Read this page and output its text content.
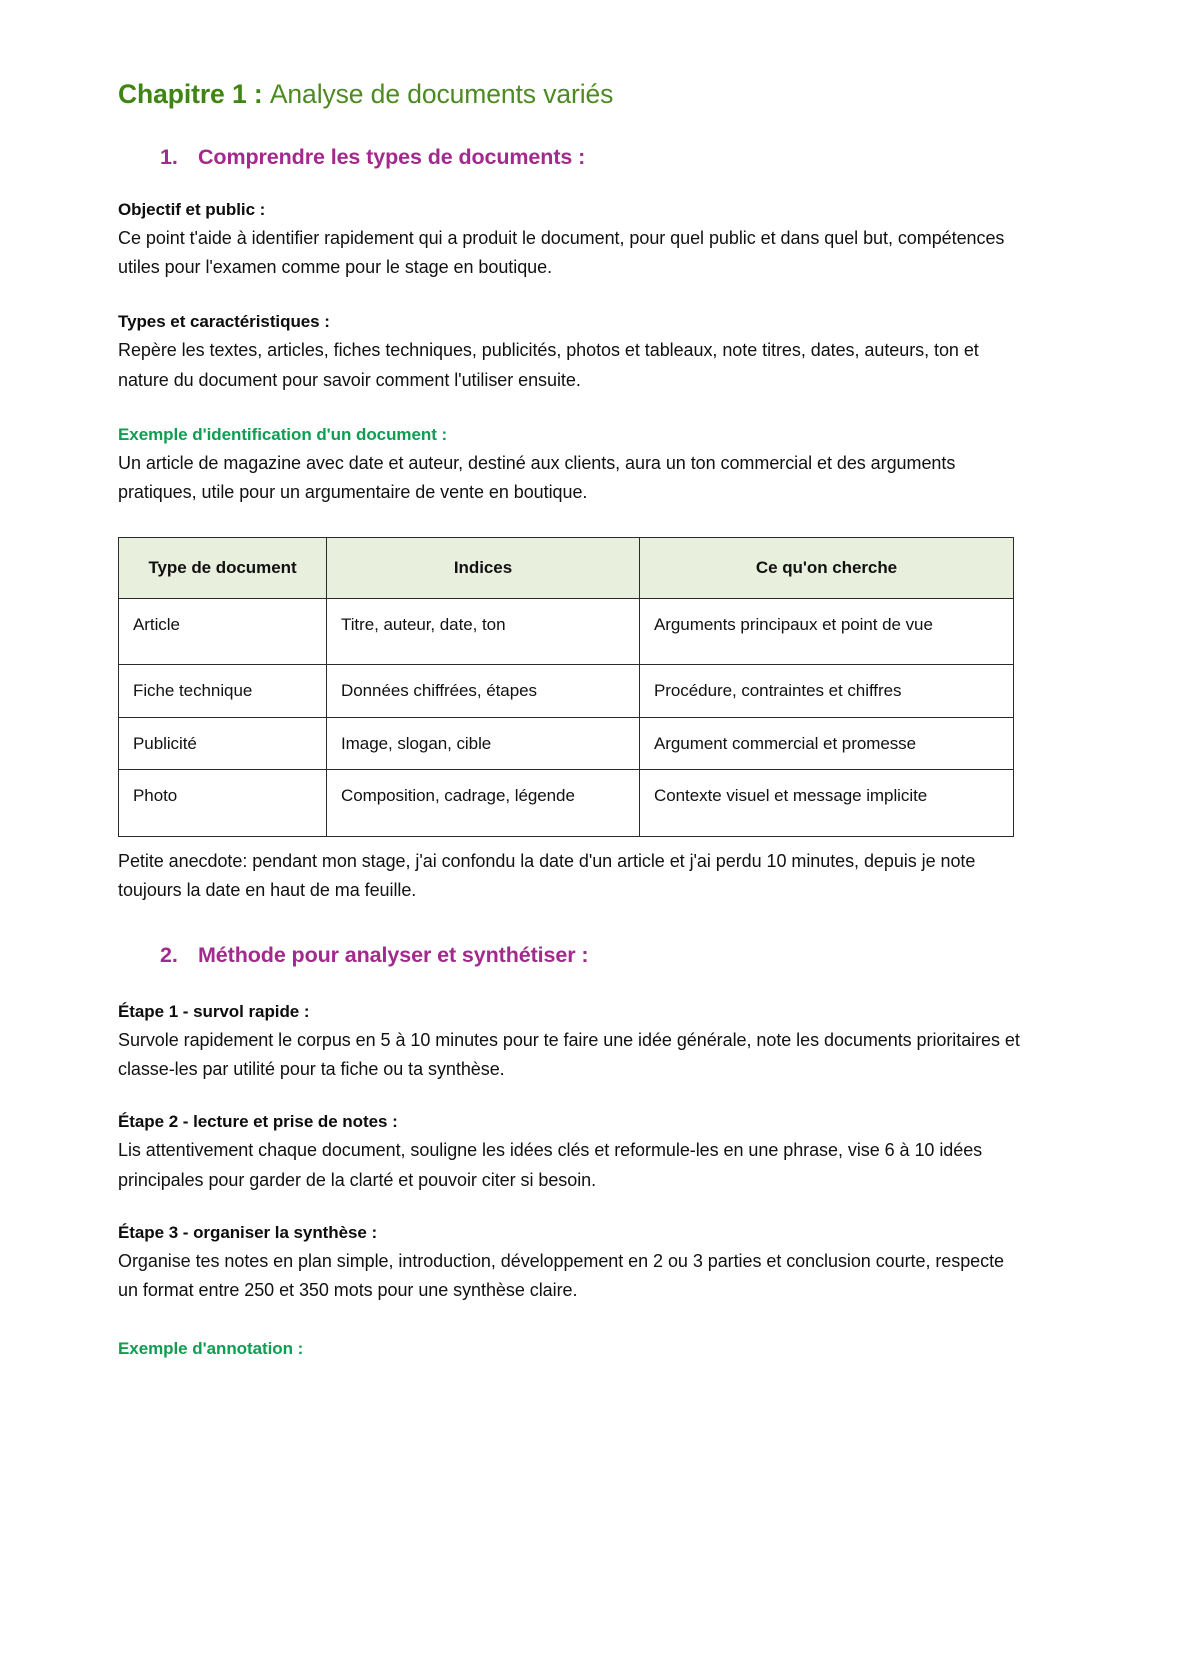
Chapitre 1 : Analyse de documents variés
1. Comprendre les types de documents :
Objectif et public :

Ce point t'aide à identifier rapidement qui a produit le document, pour quel public et dans quel but, compétences utiles pour l'examen comme pour le stage en boutique.

Types et caractéristiques :

Repère les textes, articles, fiches techniques, publicités, photos et tableaux, note titres, dates, auteurs, ton et nature du document pour savoir comment l'utiliser ensuite.

Exemple d'identification d'un document :

Un article de magazine avec date et auteur, destiné aux clients, aura un ton commercial et des arguments pratiques, utile pour un argumentaire de vente en boutique.

Type de document	Indices	Ce qu'on cherche
Article	Titre, auteur, date, ton	Arguments principaux et point de vue
Fiche technique	Données chiffrées, étapes	Procédure, contraintes et chiffres
Publicité	Image, slogan, cible	Argument commercial et promesse
Photo	Composition, cadrage, légende	Contexte visuel et message implicite

Petite anecdote: pendant mon stage, j'ai confondu la date d'un article et j'ai perdu 10 minutes, depuis je note toujours la date en haut de ma feuille.

2. Méthode pour analyser et synthétiser :
Étape 1 - survol rapide :

Survole rapidement le corpus en 5 à 10 minutes pour te faire une idée générale, note les documents prioritaires et classe-les par utilité pour ta fiche ou ta synthèse.

Étape 2 - lecture et prise de notes :

Lis attentivement chaque document, souligne les idées clés et reformule-les en une phrase, vise 6 à 10 idées principales pour garder de la clarté et pouvoir citer si besoin.

Étape 3 - organiser la synthèse :

Organise tes notes en plan simple, introduction, développement en 2 ou 3 parties et conclusion courte, respecte un format entre 250 et 350 mots pour une synthèse claire.

Exemple d'annotation :
